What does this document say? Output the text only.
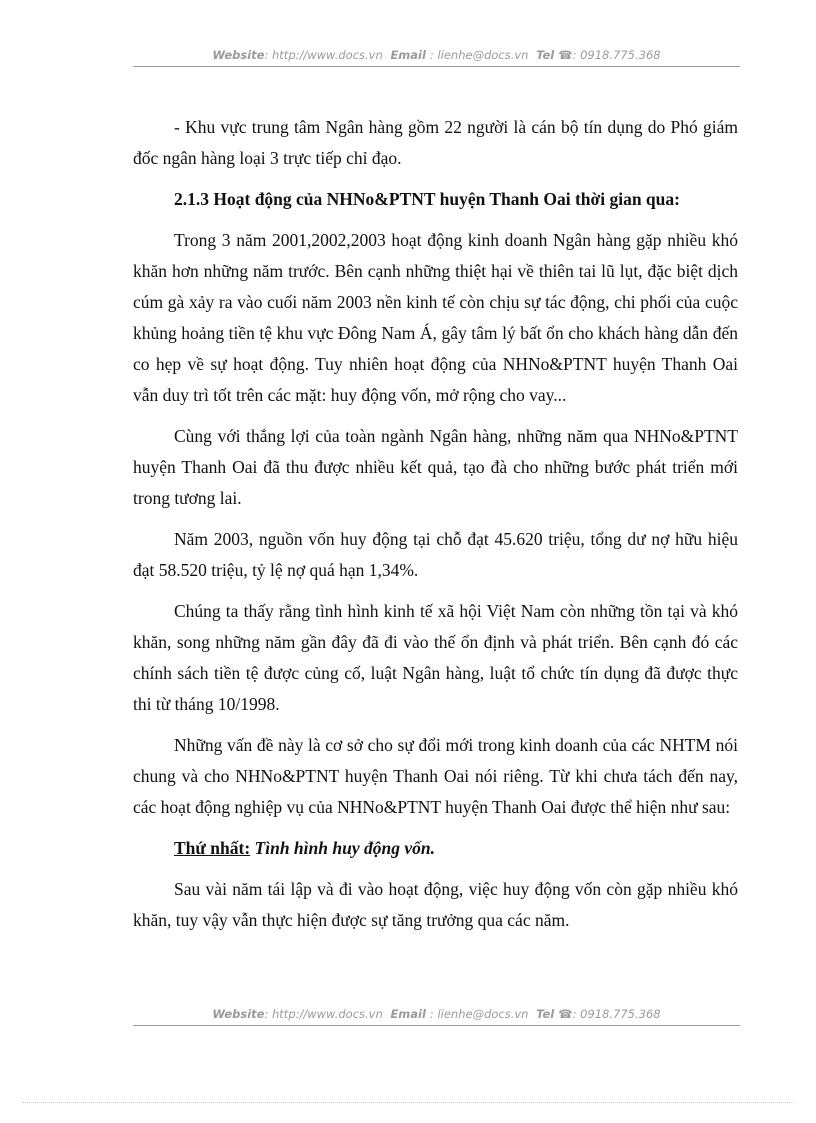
Website: http://www.docs.vn Email : lienhe@docs.vn Tel ☎: 0918.775.368

- Khu vực trung tâm Ngân hàng gồm 22 người là cán bộ tín dụng do Phó giám đốc ngân hàng loại 3 trực tiếp chỉ đạo.

2.1.3 Hoạt động của NHNo&PTNT huyện Thanh Oai thời gian qua:

Trong 3 năm 2001,2002,2003 hoạt động kinh doanh Ngân hàng gặp nhiều khó khăn hơn những năm trước. Bên cạnh những thiệt hại về thiên tai lũ lụt, đặc biệt dịch cúm gà xảy ra vào cuối năm 2003 nền kinh tế còn chịu sự tác động, chi phối của cuộc khủng hoảng tiền tệ khu vực Đông Nam Á, gây tâm lý bất ổn cho khách hàng dẫn đến co hẹp về sự hoạt động. Tuy nhiên hoạt động của NHNo&PTNT huyện Thanh Oai vẫn duy trì tốt trên các mặt: huy động vốn, mở rộng cho vay...

Cùng với thắng lợi của toàn ngành Ngân hàng, những năm qua NHNo&PTNT huyện Thanh Oai đã thu được nhiều kết quả, tạo đà cho những bước phát triển mới trong tương lai.

Năm 2003, nguồn vốn huy động tại chỗ đạt 45.620 triệu, tổng dư nợ hữu hiệu đạt 58.520 triệu, tỷ lệ nợ quá hạn 1,34%.

Chúng ta thấy rằng tình hình kinh tế xã hội Việt Nam còn những tồn tại và khó khăn, song những năm gần đây đã đi vào thế ổn định và phát triển. Bên cạnh đó các chính sách tiền tệ được củng cố, luật Ngân hàng, luật tổ chức tín dụng đã được thực thi từ tháng 10/1998.

Những vấn đề này là cơ sở cho sự đổi mới trong kinh doanh của các NHTM nói chung và cho NHNo&PTNT huyện Thanh Oai nói riêng. Từ khi chưa tách đến nay, các hoạt động nghiệp vụ của NHNo&PTNT huyện Thanh Oai được thể hiện như sau:

Thứ nhất: Tình hình huy động vốn.

Sau vài năm tái lập và đi vào hoạt động, việc huy động vốn còn gặp nhiều khó khăn, tuy vậy vẫn thực hiện được sự tăng trưởng qua các năm.

Website: http://www.docs.vn Email : lienhe@docs.vn Tel ☎: 0918.775.368
